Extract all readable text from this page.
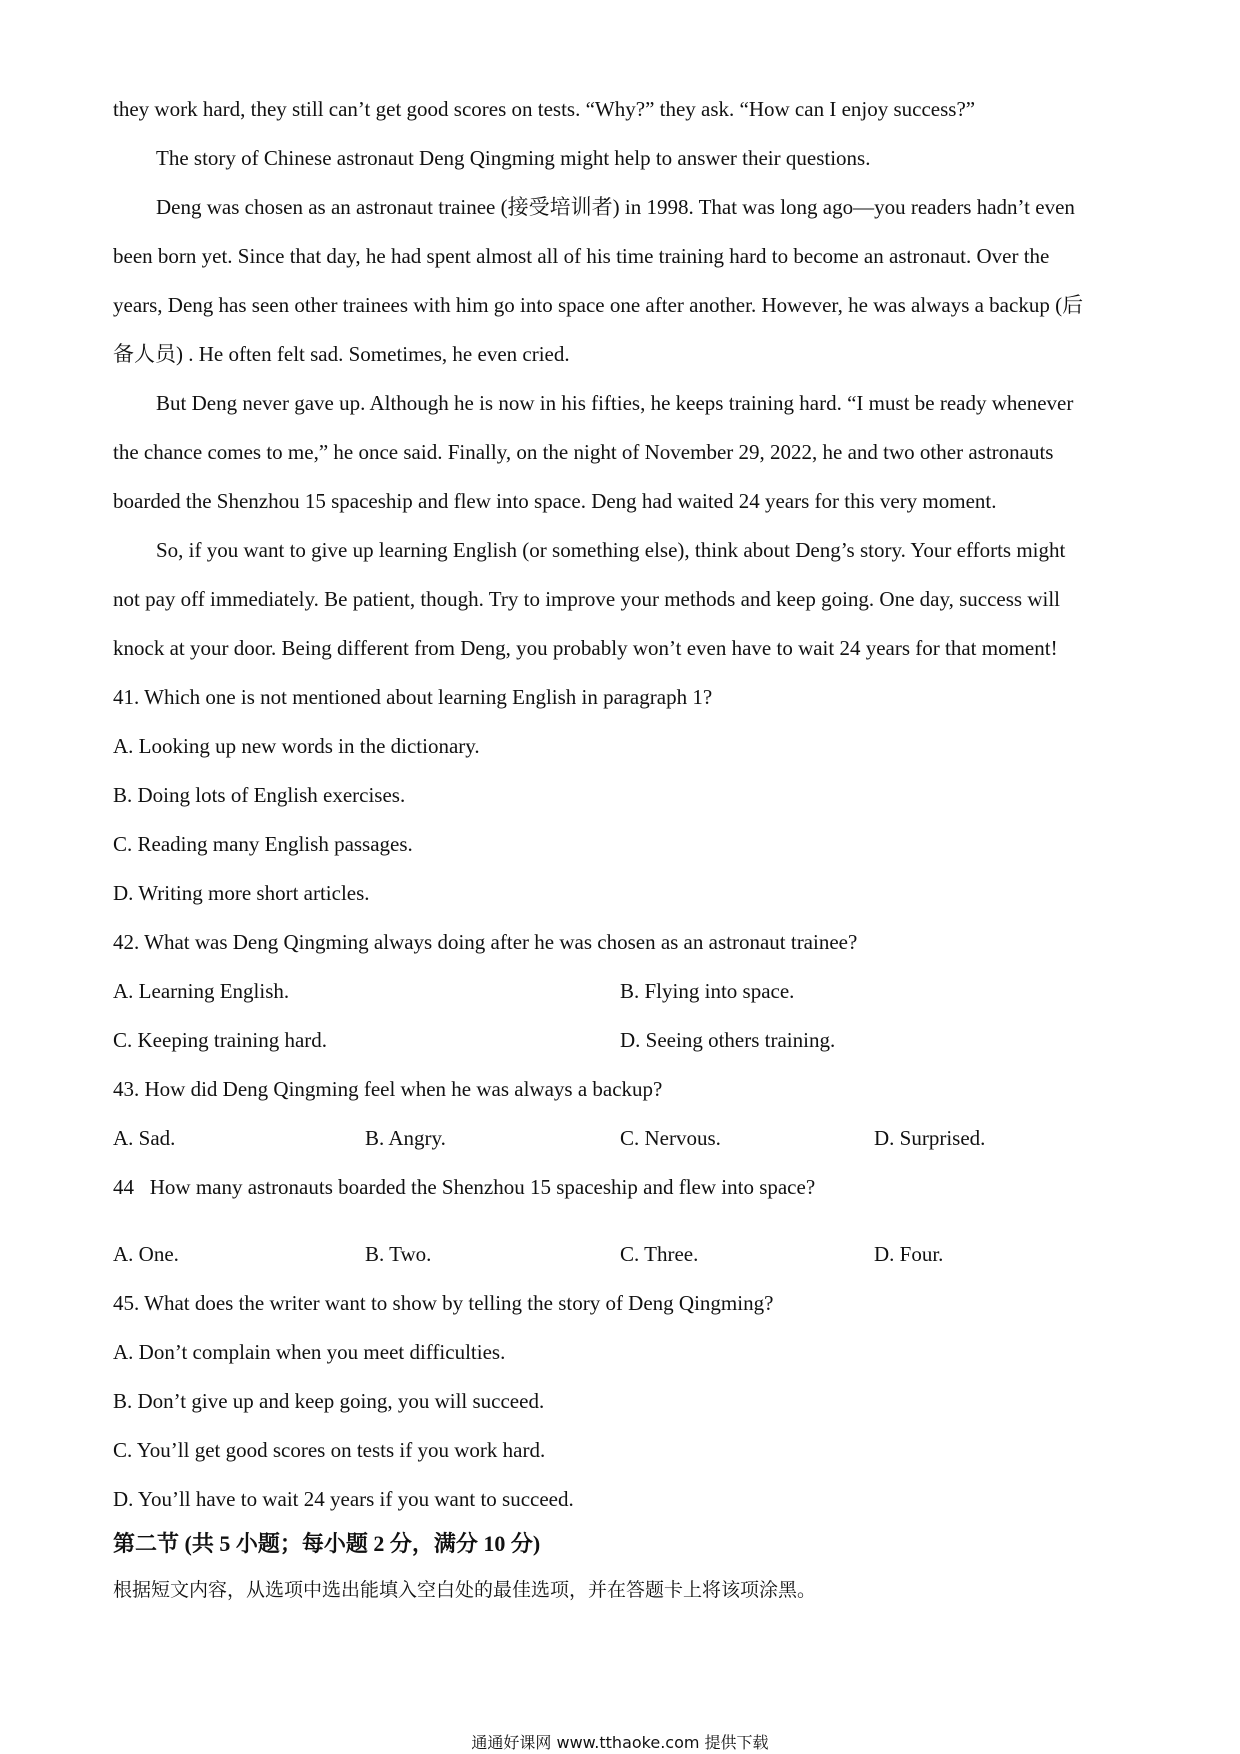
they work hard, they still can’t get good scores on tests. “Why?” they ask. “How can I enjoy success?”
The story of Chinese astronaut Deng Qingming might help to answer their questions.
Deng was chosen as an astronaut trainee (接受培训者) in 1998. That was long ago—you readers hadn’t even
been born yet. Since that day, he had spent almost all of his time training hard to become an astronaut. Over the
years, Deng has seen other trainees with him go into space one after another. However, he was always a backup (后
备人员) . He often felt sad. Sometimes, he even cried.
But Deng never gave up. Although he is now in his fifties, he keeps training hard. “I must be ready whenever
the chance comes to me,” he once said. Finally, on the night of November 29, 2022, he and two other astronauts
boarded the Shenzhou 15 spaceship and flew into space. Deng had waited 24 years for this very moment.
So, if you want to give up learning English (or something else), think about Deng’s story. Your efforts might
not pay off immediately. Be patient, though. Try to improve your methods and keep going. One day, success will
knock at your door. Being different from Deng, you probably won’t even have to wait 24 years for that moment!
41. Which one is not mentioned about learning English in paragraph 1?
A. Looking up new words in the dictionary.
B. Doing lots of English exercises.
C. Reading many English passages.
D. Writing more short articles.
42. What was Deng Qingming always doing after he was chosen as an astronaut trainee?
A. Learning English.	B. Flying into space.
C. Keeping training hard.	D. Seeing others training.
43. How did Deng Qingming feel when he was always a backup?
A. Sad.	B. Angry.	C. Nervous.	D. Surprised.
44   How many astronauts boarded the Shenzhou 15 spaceship and flew into space?
A. One.	B. Two.	C. Three.	D. Four.
45. What does the writer want to show by telling the story of Deng Qingming?
A. Don’t complain when you meet difficulties.
B. Don’t give up and keep going, you will succeed.
C. You’ll get good scores on tests if you work hard.
D. You’ll have to wait 24 years if you want to succeed.
第二节 (共 5 小题；每小题 2 分，满分 10 分)
根据短文内容，从选项中选出能填入空白处的最佳选项，并在答题卡上将该项涂黑。
通通好课网 www.tthaoke.com 提供下载
